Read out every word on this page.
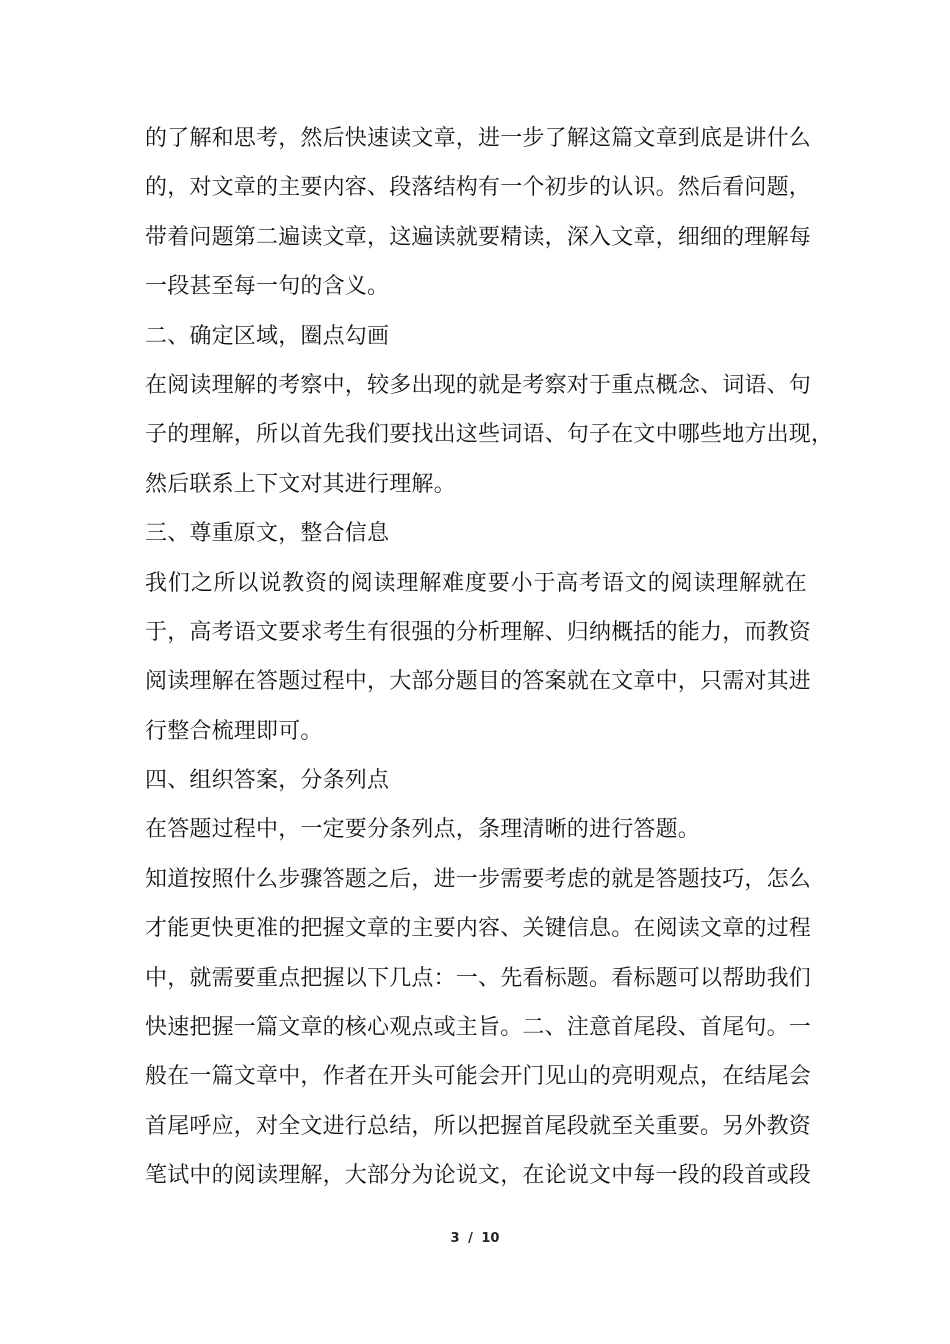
的了解和思考，然后快速读文章，进一步了解这篇文章到底是讲什么
的，对文章的主要内容、段落结构有一个初步的认识。然后看问题，
带着问题第二遍读文章，这遍读就要精读，深入文章，细细的理解每
一段甚至每一句的含义。
二、确定区域，圈点勾画
在阅读理解的考察中，较多出现的就是考察对于重点概念、词语、句
子的理解，所以首先我们要找出这些词语、句子在文中哪些地方出现，
然后联系上下文对其进行理解。
三、尊重原文，整合信息
我们之所以说教资的阅读理解难度要小于高考语文的阅读理解就在
于，高考语文要求考生有很强的分析理解、归纳概括的能力，而教资
阅读理解在答题过程中，大部分题目的答案就在文章中，只需对其进
行整合梳理即可。
四、组织答案，分条列点
在答题过程中，一定要分条列点，条理清晰的进行答题。
知道按照什么步骤答题之后，进一步需要考虑的就是答题技巧，怎么
才能更快更准的把握文章的主要内容、关键信息。在阅读文章的过程
中，就需要重点把握以下几点：一、先看标题。看标题可以帮助我们
快速把握一篇文章的核心观点或主旨。二、注意首尾段、首尾句。一
般在一篇文章中，作者在开头可能会开门见山的亮明观点，在结尾会
首尾呼应，对全文进行总结，所以把握首尾段就至关重要。另外教资
笔试中的阅读理解，大部分为论说文，在论说文中每一段的段首或段
3 / 10
